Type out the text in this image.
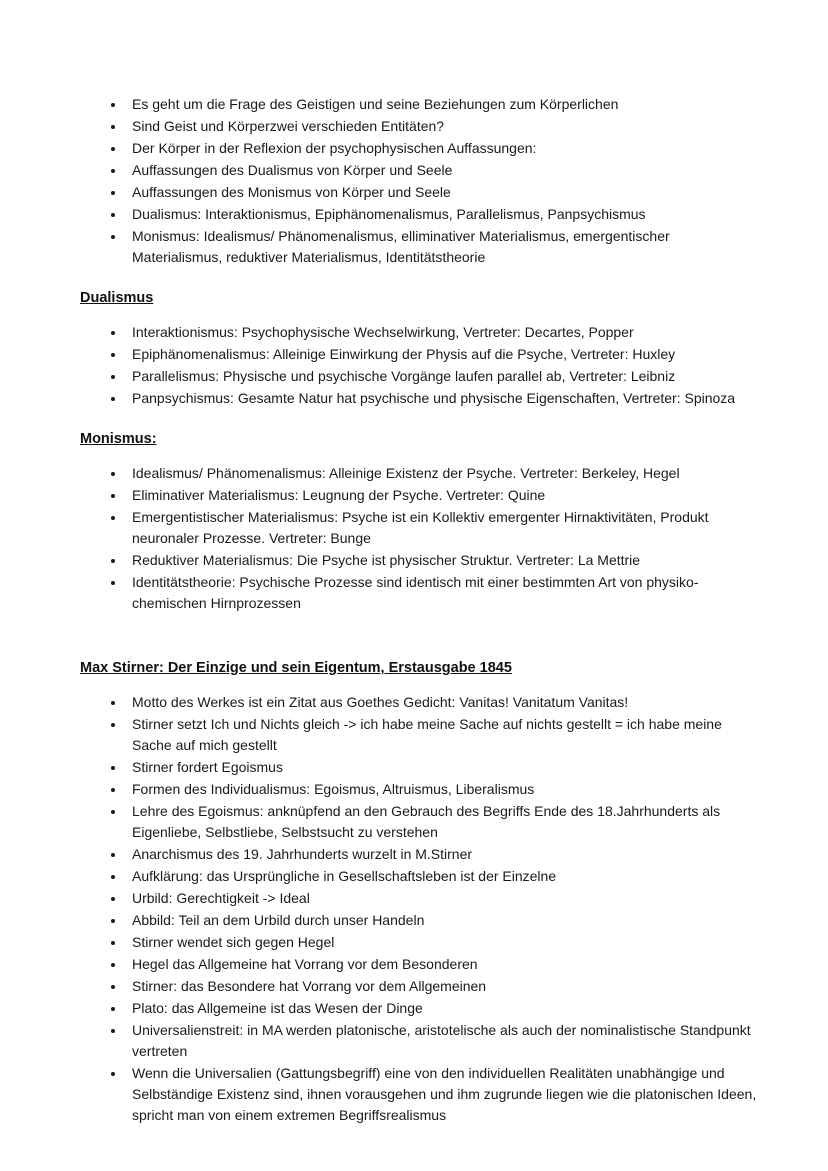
• Es geht um die Frage des Geistigen und seine Beziehungen zum Körperlichen
• Sind Geist und Körperzwei verschieden Entitäten?
• Der Körper in der Reflexion der psychophysischen Auffassungen:
• Auffassungen des Dualismus von Körper und Seele
• Auffassungen des Monismus von Körper und Seele
• Dualismus: Interaktionismus, Epiphänomenalismus, Parallelismus, Panpsychismus
• Monismus: Idealismus/ Phänomenalismus, elliminativer Materialismus, emergentischer Materialismus, reduktiver Materialismus, Identitätstheorie
Dualismus
• Interaktionismus: Psychophysische Wechselwirkung, Vertreter: Decartes, Popper
• Epiphänomenalismus: Alleinige Einwirkung der Physis auf die Psyche, Vertreter: Huxley
• Parallelismus: Physische und psychische Vorgänge laufen parallel ab, Vertreter: Leibniz
• Panpsychismus: Gesamte Natur hat psychische und physische Eigenschaften, Vertreter: Spinoza
Monismus:
• Idealismus/ Phänomenalismus: Alleinige Existenz der Psyche. Vertreter: Berkeley, Hegel
• Eliminativer Materialismus: Leugnung der Psyche. Vertreter: Quine
• Emergentistischer Materialismus: Psyche ist ein Kollektiv emergenter Hirnaktivitäten, Produkt neuronaler Prozesse. Vertreter: Bunge
• Reduktiver Materialismus: Die Psyche ist physischer Struktur. Vertreter: La Mettrie
• Identitätstheorie: Psychische Prozesse sind identisch mit einer bestimmten Art von physiko-chemischen Hirnprozessen
Max Stirner: Der Einzige und sein Eigentum, Erstausgabe 1845
• Motto des Werkes ist ein Zitat aus Goethes Gedicht: Vanitas! Vanitatum Vanitas!
• Stirner setzt Ich und Nichts gleich -> ich habe meine Sache auf nichts gestellt = ich habe meine Sache auf mich gestellt
• Stirner fordert Egoismus
• Formen des Individualismus: Egoismus, Altruismus, Liberalismus
• Lehre des Egoismus: anknüpfend an den Gebrauch des Begriffs Ende des 18.Jahrhunderts als Eigenliebe, Selbstliebe, Selbstsucht zu verstehen
• Anarchismus des 19. Jahrhunderts wurzelt in M.Stirner
• Aufklärung: das Ursprüngliche in Gesellschaftsleben ist der Einzelne
• Urbild: Gerechtigkeit -> Ideal
• Abbild: Teil an dem Urbild durch unser Handeln
• Stirner wendet sich gegen Hegel
• Hegel das Allgemeine hat Vorrang vor dem Besonderen
• Stirner: das Besondere hat Vorrang vor dem Allgemeinen
• Plato: das Allgemeine ist das Wesen der Dinge
• Universalienstreit: in MA werden platonische, aristotelische als auch der nominalistische Standpunkt vertreten
• Wenn die Universalien (Gattungsbegriff) eine von den individuellen Realitäten unabhängige und Selbständige Existenz sind, ihnen vorausgehen und ihm zugrunde liegen wie die platonischen Ideen, spricht man von einem extremen Begriffsrealismus
